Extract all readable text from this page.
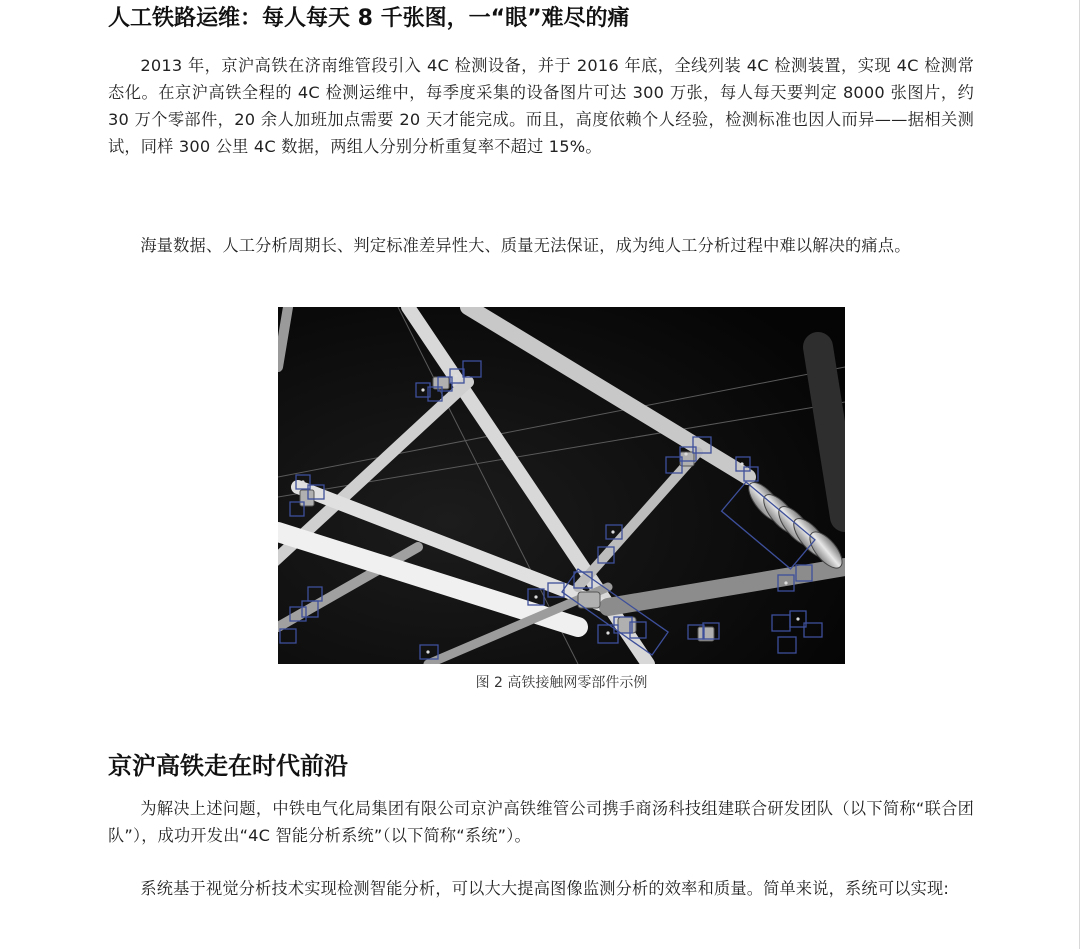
人工铁路运维：每人每天 8 千张图，一“眼”难尽的痛

2013 年，京沪高铁在济南维管段引入 4C 检测设备，并于 2016 年底，全线列装 4C 检测装置，实现 4C 检测常态化。在京沪高铁全程的 4C 检测运维中，每季度采集的设备图片可达 300 万张，每人每天要判定 8000 张图片，约 30 万个零部件，20 余人加班加点需要 20 天才能完成。而且，高度依赖个人经验，检测标准也因人而异——据相关测试，同样 300 公里 4C 数据，两组人分别分析重复率不超过 15%。

海量数据、人工分析周期长、判定标准差异性大、质量无法保证，成为纯人工分析过程中难以解决的痛点。

图 2 高铁接触网零部件示例
京沪高铁走在时代前沿

为解决上述问题，中铁电气化局集团有限公司京沪高铁维管公司携手商汤科技组建联合研发团队（以下简称“联合团队”），成功开发出“4C 智能分析系统”（以下简称“系统”）。

系统基于视觉分析技术实现检测智能分析，可以大大提高图像监测分析的效率和质量。简单来说，系统可以实现:
